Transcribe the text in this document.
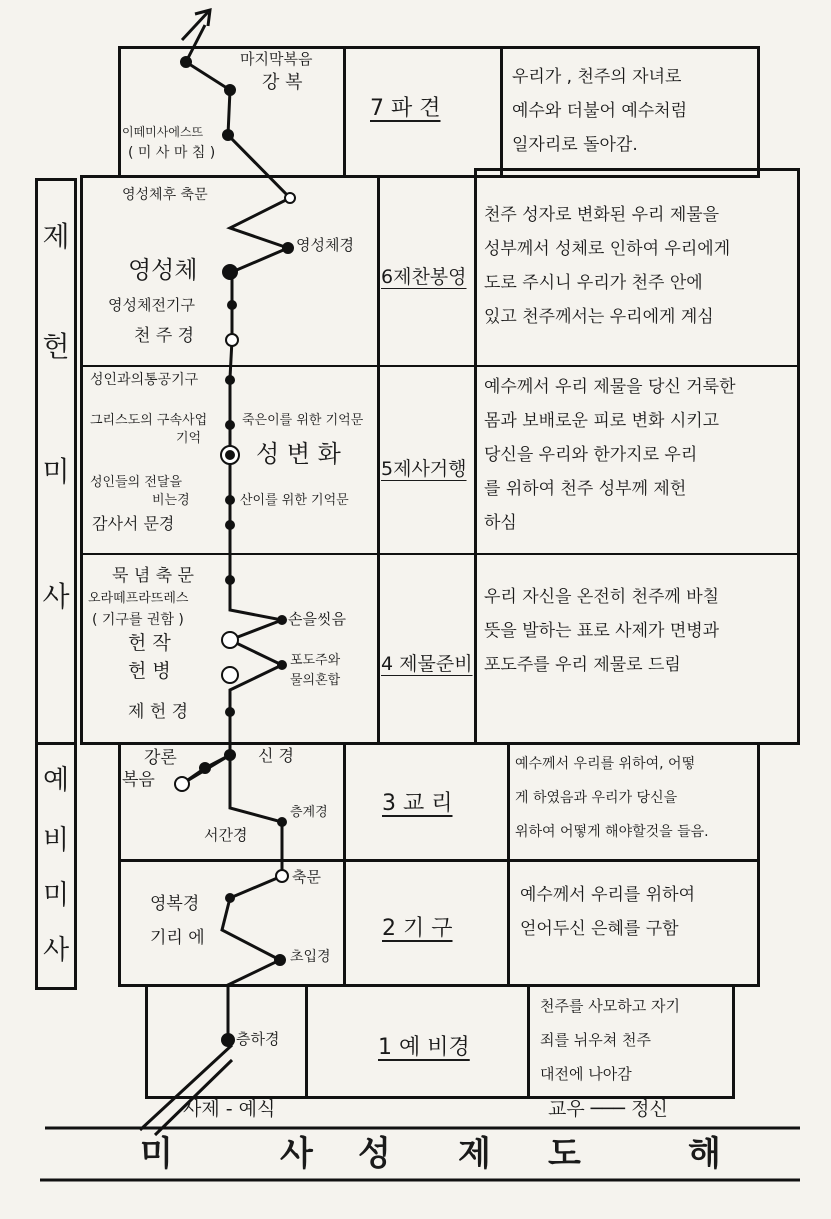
7 파 견
우리가 , 천주의 자녀로
예수와 더불어 예수처럼
일자리로 돌아감.
6제찬봉영
천주 성자로 변화된 우리 제물을
성부께서 성체로 인하여 우리에게
도로 주시니 우리가 천주 안에
있고 천주께서는 우리에게 계심
5제사거행
예수께서 우리 제물을 당신 거룩한
몸과 보배로운 피로 변화 시키고
당신을 우리와 한가지로 우리
를 위하여 천주 성부께 제헌
하심
4 제물준비
우리 자신을 온전히 천주께 바칠
뜻을 발하는 표로 사제가 면병과
포도주를 우리 제물로 드림
3 교 리
예수께서 우리를 위하여, 어떻
게 하였음과 우리가 당신을
위하여 어떻게 해야할것을 들음.
2 기 구
예수께서 우리를 위하여
얻어두신 은혜를 구함
1 예 비경
천주를 사모하고 자기
죄를 뉘우쳐 천주
대전에 나아감
제
헌
미
사
예
비
미
사
마지막복음
강 복
이떼미사에스뜨
( 미 사 마 침 )
영성체후 축문
영성체경
영성체
영성체전기구
천 주 경
성인과의통공기구
그리스도의 구속사업
기억
죽은이를 위한 기억문
성 변 화
성인들의 전달을
비는경	산이를 위한 기억문
감사서 문경
묵 념 축 문
오라떼프라뜨레스
( 기구를 권함 )	손을씻음
헌 작
포도주와
물의혼합
헌 병
제 헌 경
신 경
강론
복음
층계경
서간경
축문
영복경
기리 에
초입경
층하경
사제 - 예식	교우 ─── 정신
미	사 성 제 도	해
